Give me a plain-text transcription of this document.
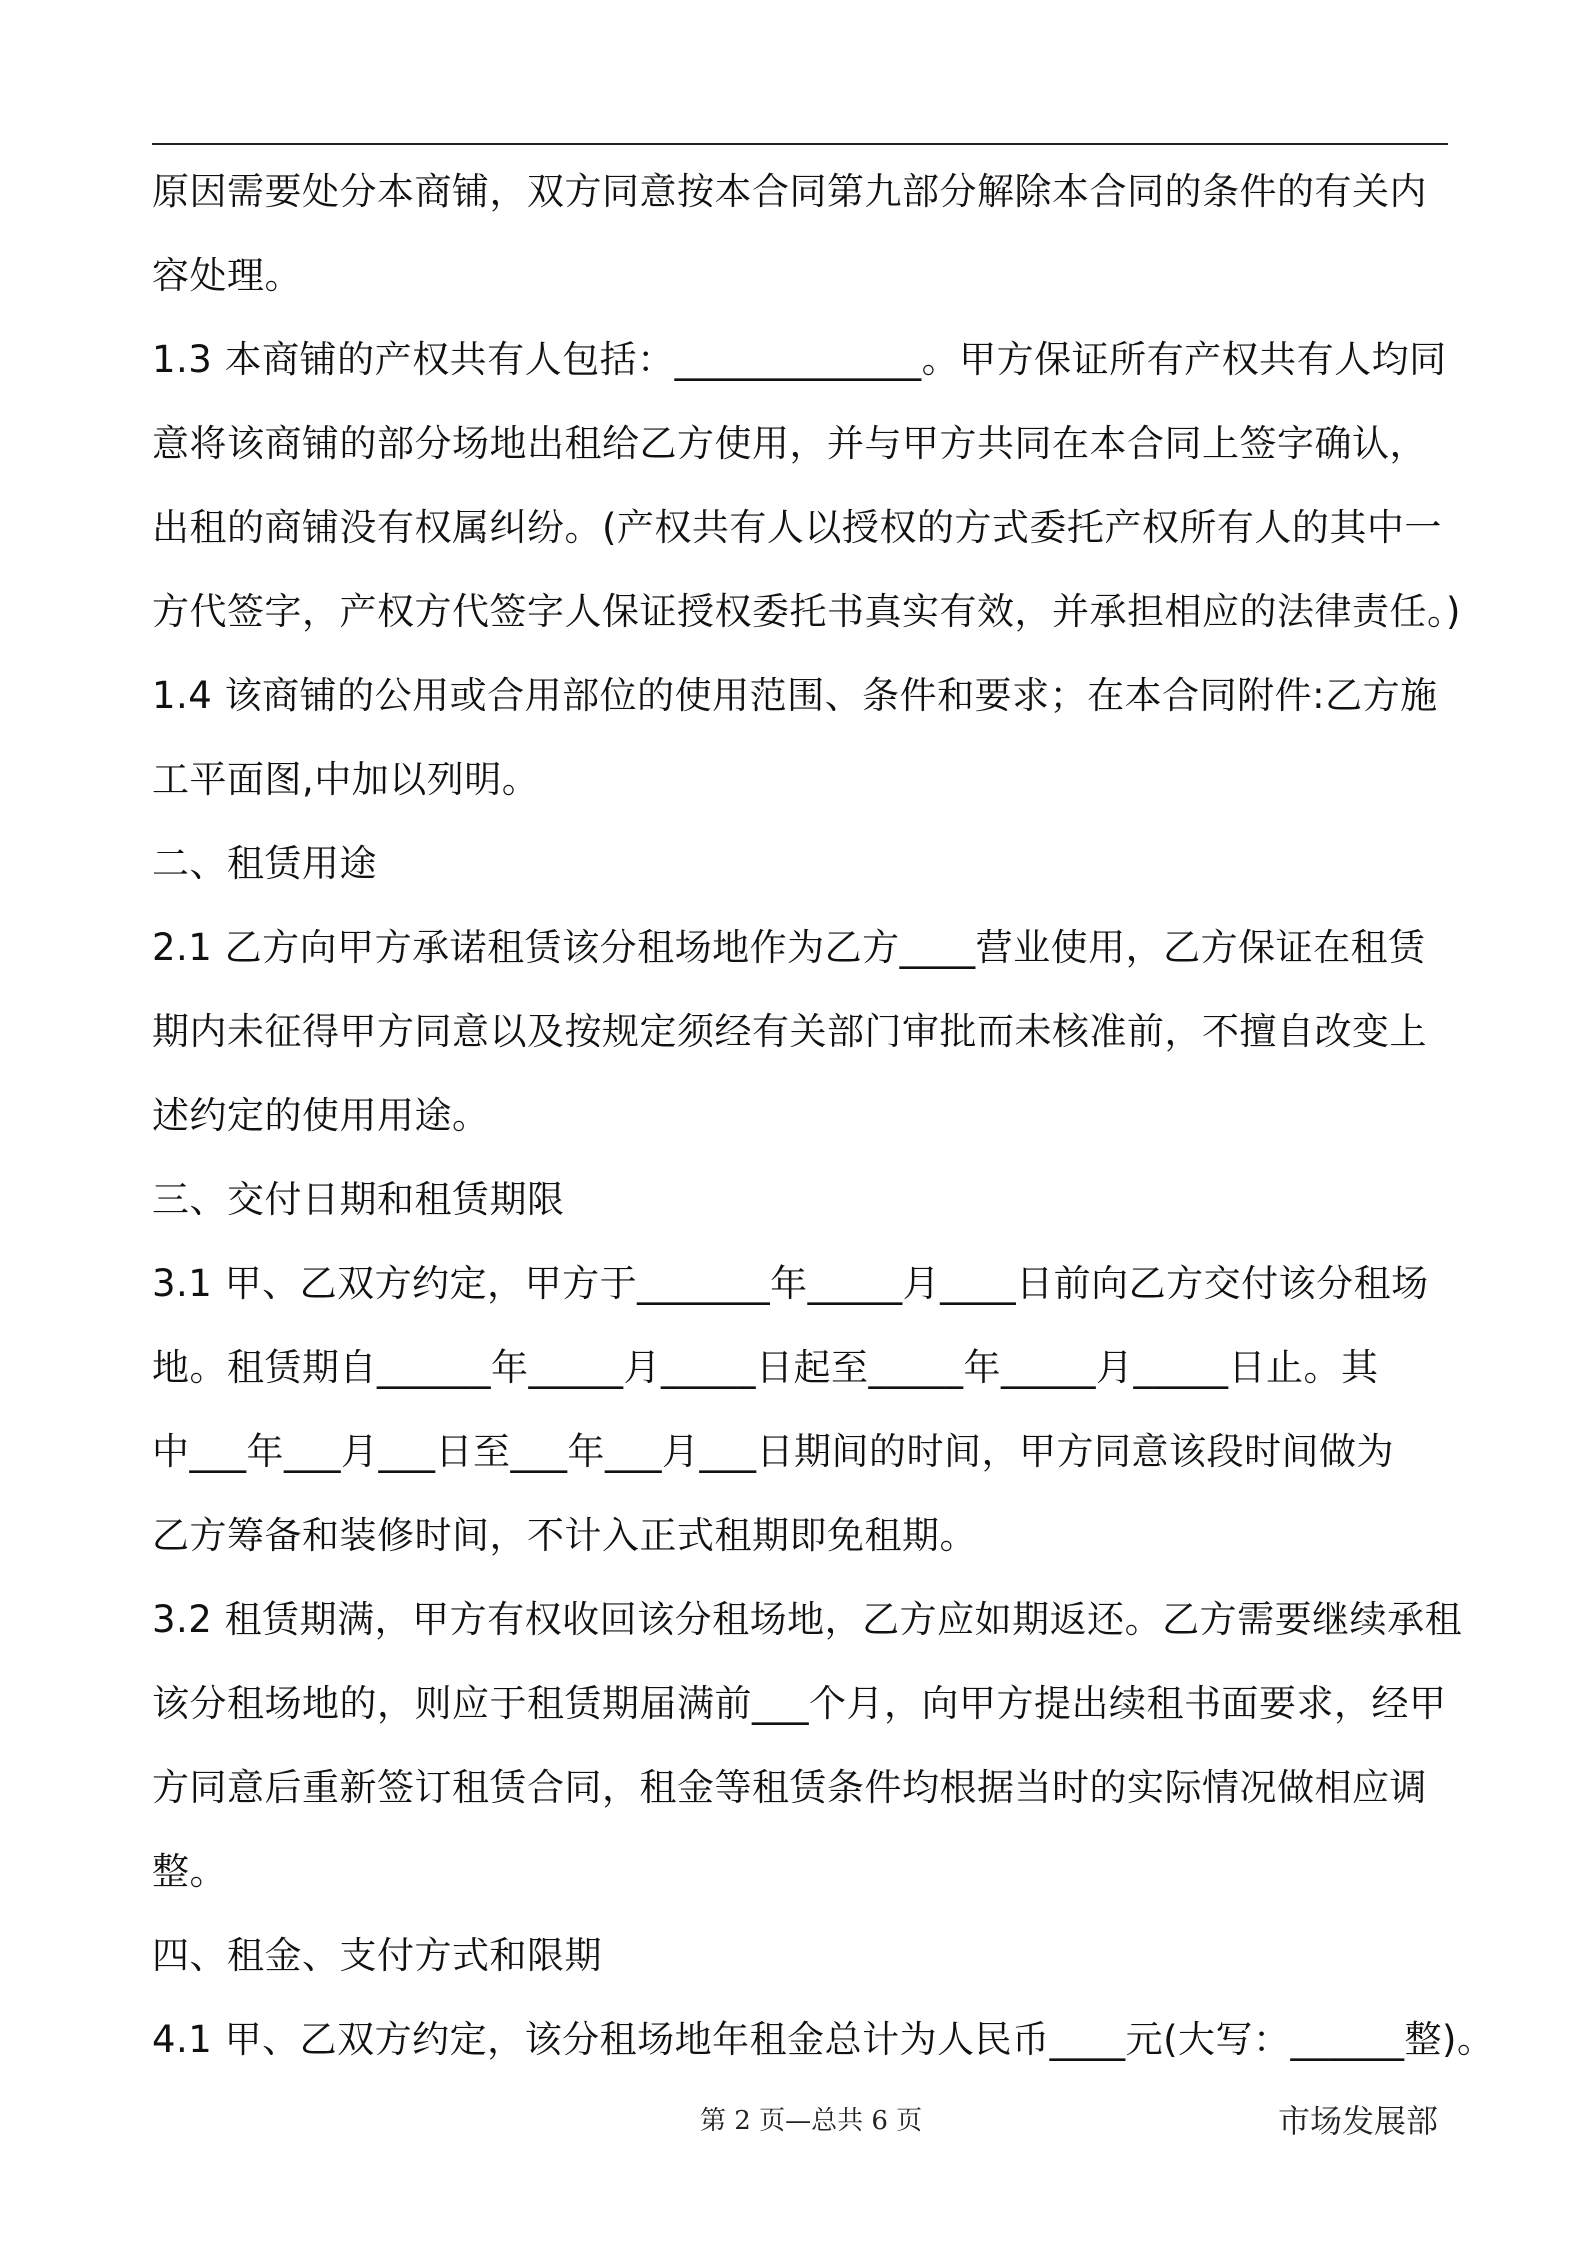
原因需要处分本商铺，双方同意按本合同第九部分解除本合同的条件的有关内
容处理。
1.3 本商铺的产权共有人包括：_____________。甲方保证所有产权共有人均同
意将该商铺的部分场地出租给乙方使用，并与甲方共同在本合同上签字确认，
出租的商铺没有权属纠纷。(产权共有人以授权的方式委托产权所有人的其中一
方代签字，产权方代签字人保证授权委托书真实有效，并承担相应的法律责任。)
1.4 该商铺的公用或合用部位的使用范围、条件和要求；在本合同附件:乙方施
工平面图,中加以列明。
二、租赁用途
2.1 乙方向甲方承诺租赁该分租场地作为乙方____营业使用，乙方保证在租赁
期内未征得甲方同意以及按规定须经有关部门审批而未核准前，不擅自改变上
述约定的使用用途。
三、交付日期和租赁期限
3.1 甲、乙双方约定，甲方于_______年_____月____日前向乙方交付该分租场
地。租赁期自______年_____月_____日起至_____年_____月_____日止。其
中___年___月___日至___年___月___日期间的时间，甲方同意该段时间做为
乙方筹备和装修时间，不计入正式租期即免租期。
3.2 租赁期满，甲方有权收回该分租场地，乙方应如期返还。乙方需要继续承租
该分租场地的，则应于租赁期届满前___个月，向甲方提出续租书面要求，经甲
方同意后重新签订租赁合同，租金等租赁条件均根据当时的实际情况做相应调
整。
四、租金、支付方式和限期
4.1 甲、乙双方约定，该分租场地年租金总计为人民币____元(大写：______整)。
第 2 页—总共 6 页	市场发展部
